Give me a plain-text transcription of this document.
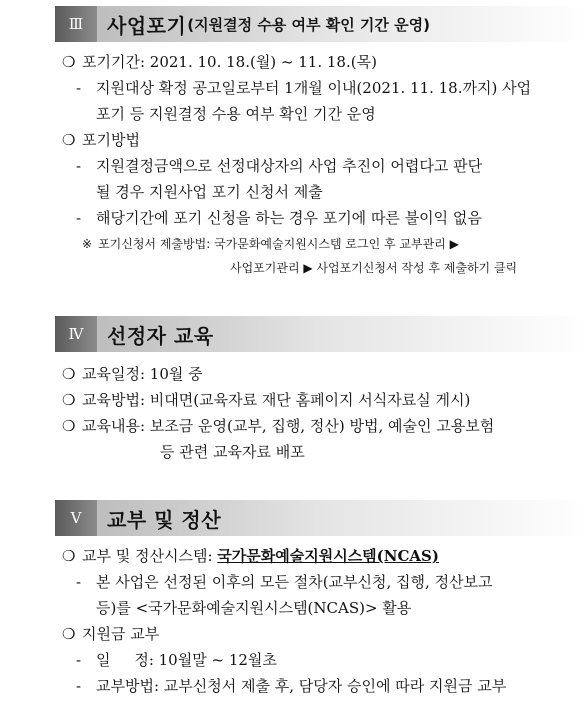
Ⅲ	사업포기 (지원결정 수용 여부 확인 기간 운영)
❍ 포기기간: 2021. 10. 18.(월) ~ 11. 18.(목)
- 지원대상 확정 공고일로부터 1개월 이내(2021. 11. 18.까지) 사업
포기 등 지원결정 수용 여부 확인 기간 운영
❍ 포기방법
- 지원결정금액으로 선정대상자의 사업 추진이 어렵다고 판단
될 경우 지원사업 포기 신청서 제출
- 해당기간에 포기 신청을 하는 경우 포기에 따른 불이익 없음
※ 포기신청서 제출방법: 국가문화예술지원시스템 로그인 후 교부관리 ▶
사업포기관리 ▶ 사업포기신청서 작성 후 제출하기 클릭
Ⅳ	선정자 교육
❍ 교육일정: 10월 중
❍ 교육방법: 비대면(교육자료 재단 홈페이지 서식자료실 게시)
❍ 교육내용: 보조금 운영(교부, 집행, 정산) 방법, 예술인 고용보험
등 관련 교육자료 배포
Ⅴ	교부 및 정산
❍ 교부 및 정산시스템: 국가문화예술지원시스템(NCAS)
- 본 사업은 선정된 이후의 모든 절차(교부신청, 집행, 정산보고
등)를 <국가문화예술지원시스템(NCAS)> 활용
❍ 지원금 교부
- 일     정: 10월말 ~ 12월초
- 교부방법: 교부신청서 제출 후, 담당자 승인에 따라 지원금 교부
